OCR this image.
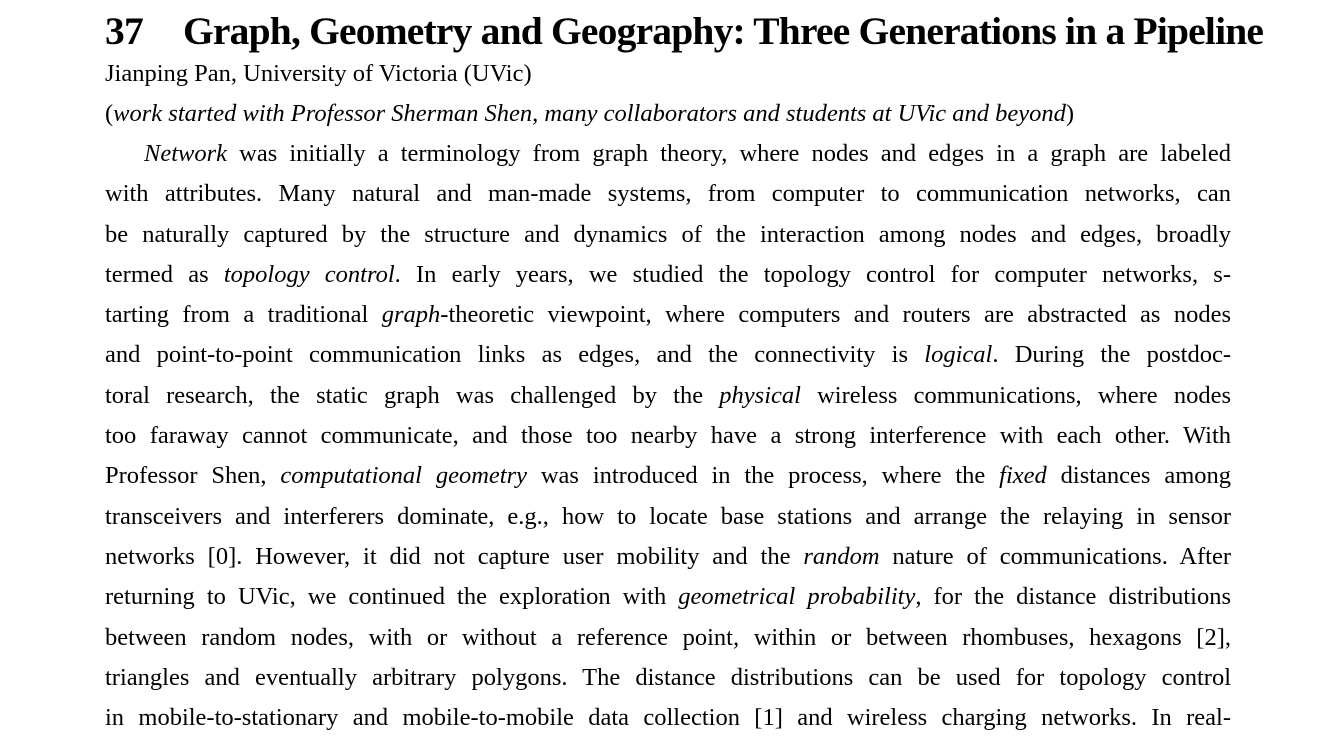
37 Graph, Geometry and Geography: Three Generations in a Pipeline
Jianping Pan, University of Victoria (UVic)
(work started with Professor Sherman Shen, many collaborators and students at UVic and beyond)
Network was initially a terminology from graph theory, where nodes and edges in a graph are labeled
with attributes. Many natural and man-made systems, from computer to communication networks, can
be naturally captured by the structure and dynamics of the interaction among nodes and edges, broadly
termed as topology control. In early years, we studied the topology control for computer networks, s-
tarting from a traditional graph-theoretic viewpoint, where computers and routers are abstracted as nodes
and point-to-point communication links as edges, and the connectivity is logical. During the postdoc-
toral research, the static graph was challenged by the physical wireless communications, where nodes
too faraway cannot communicate, and those too nearby have a strong interference with each other. With
Professor Shen, computational geometry was introduced in the process, where the fixed distances among
transceivers and interferers dominate, e.g., how to locate base stations and arrange the relaying in sensor
networks [0]. However, it did not capture user mobility and the random nature of communications. After
returning to UVic, we continued the exploration with geometrical probability, for the distance distributions
between random nodes, with or without a reference point, within or between rhombuses, hexagons [2],
triangles and eventually arbitrary polygons. The distance distributions can be used for topology control
in mobile-to-stationary and mobile-to-mobile data collection [1] and wireless charging networks. In real-
